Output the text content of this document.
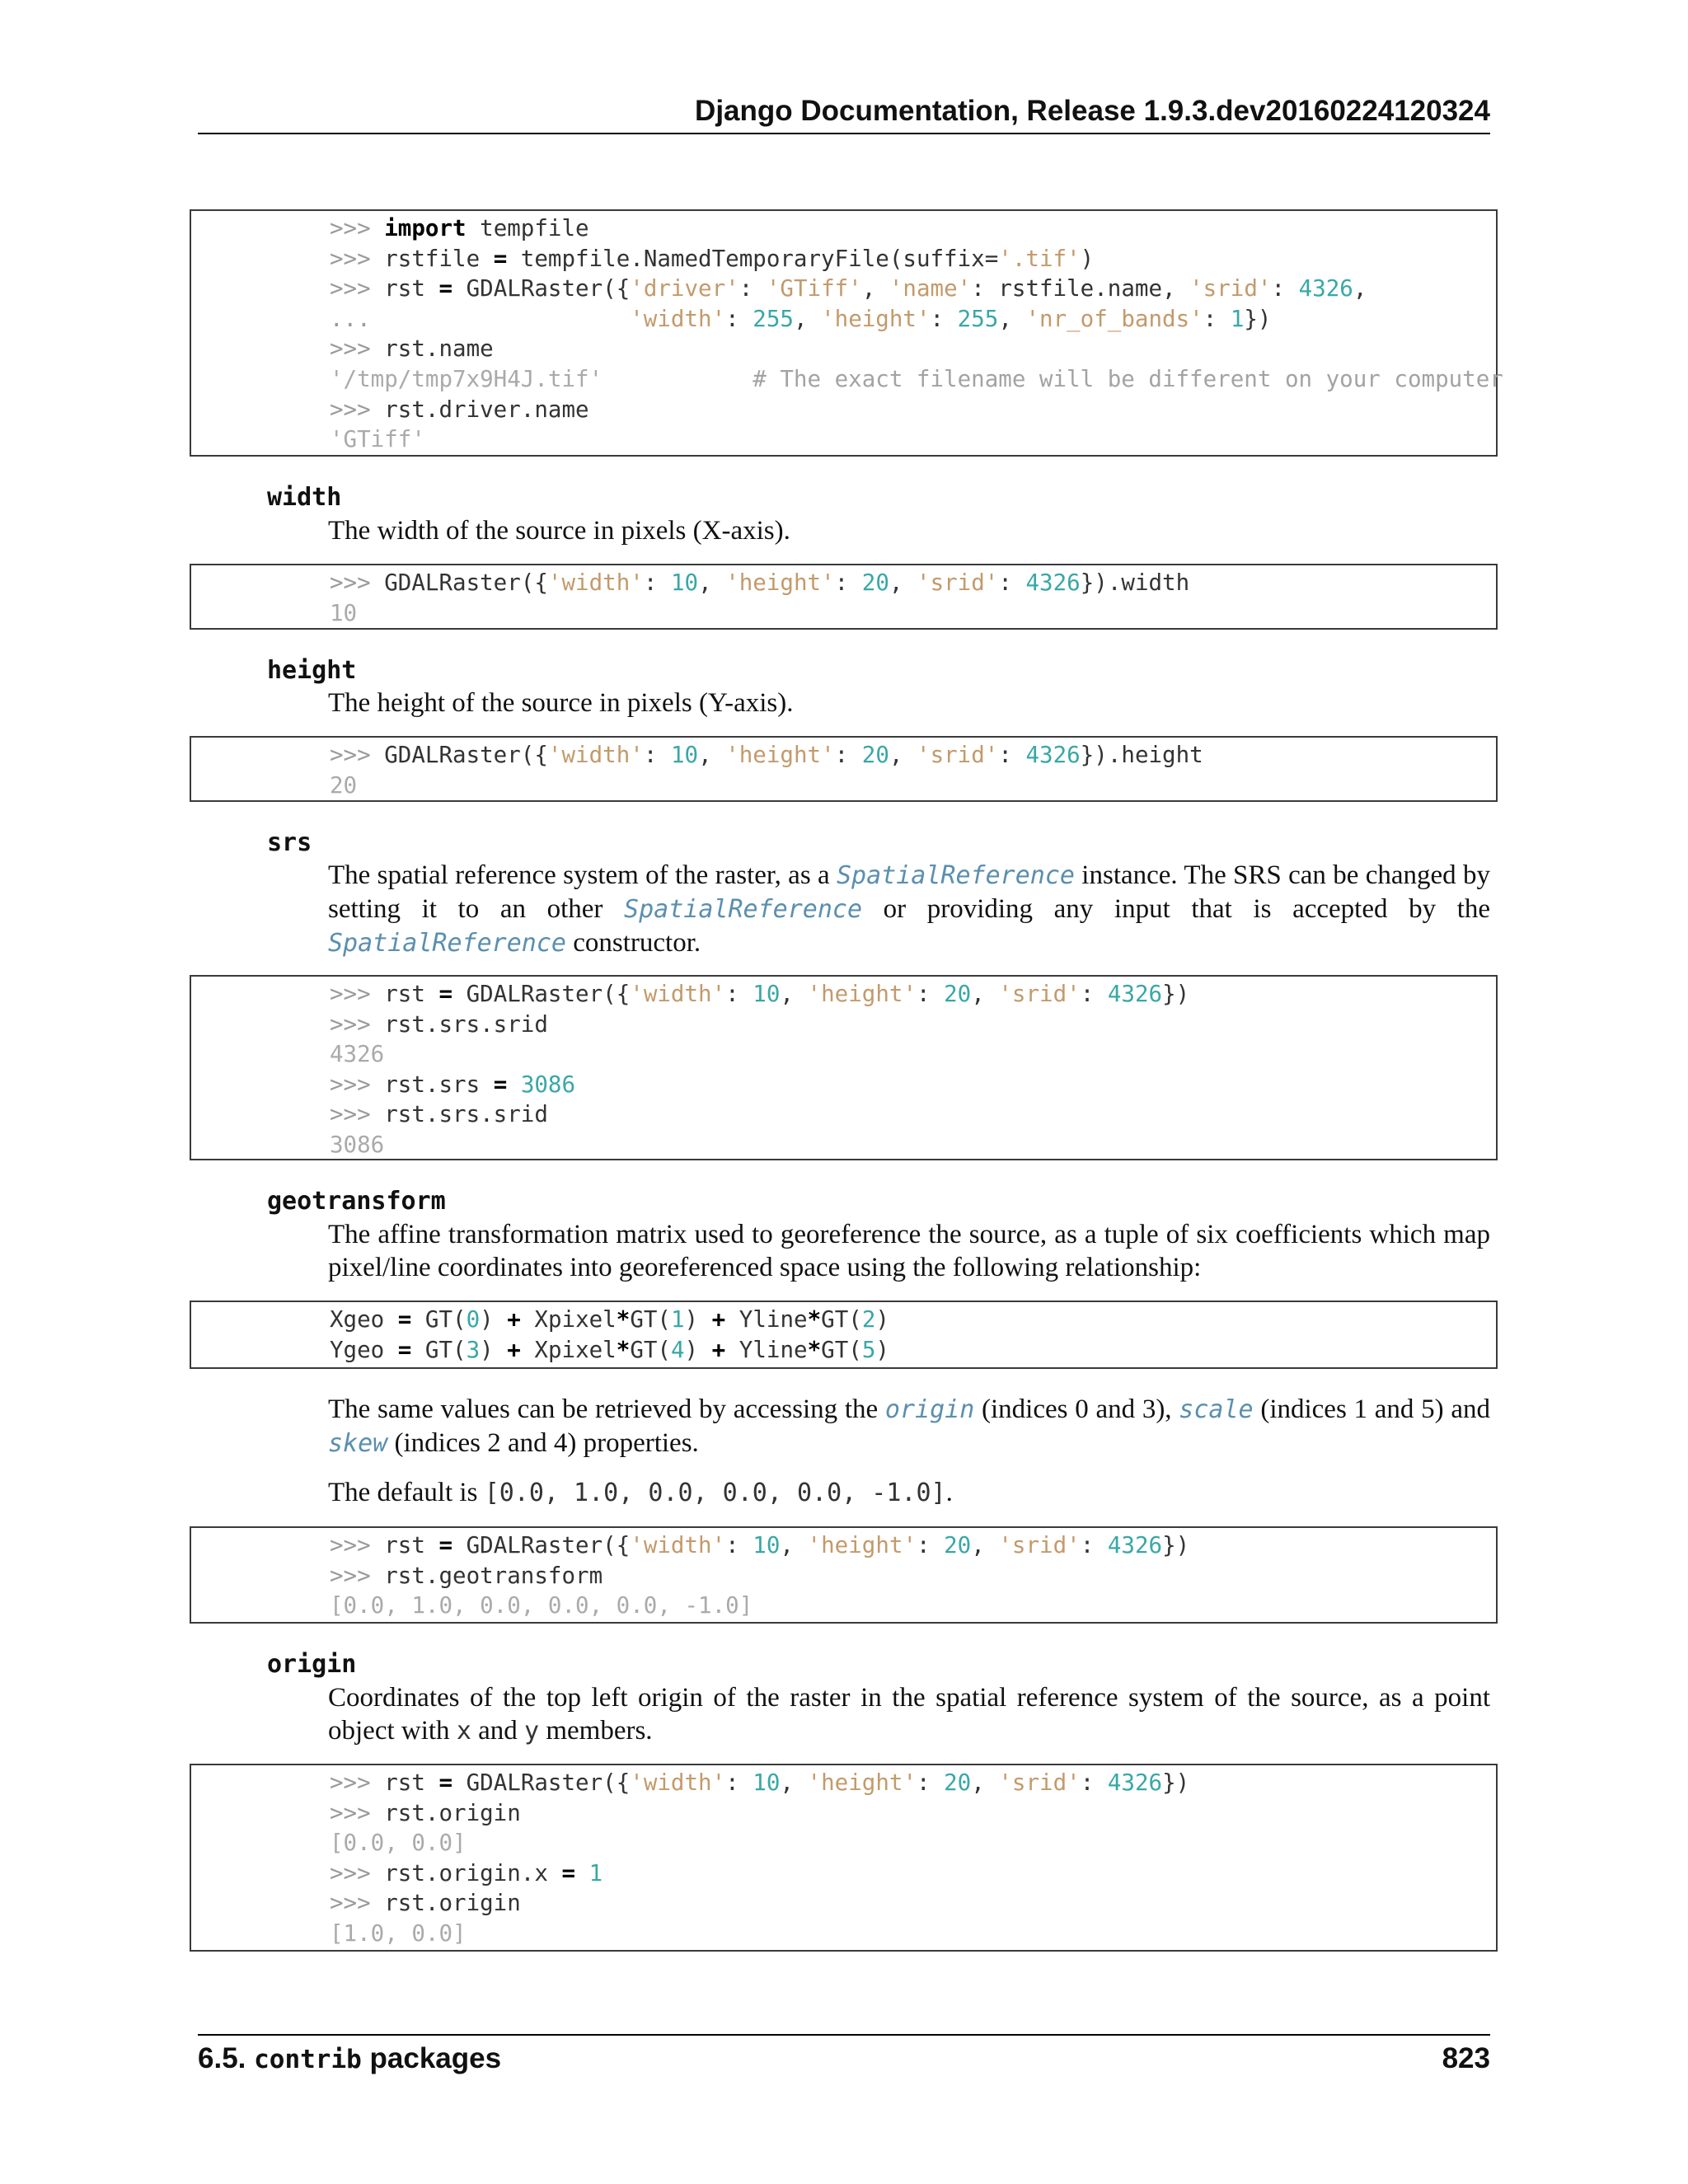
Django Documentation, Release 1.9.3.dev20160224120324
>>> import tempfile
>>> rstfile = tempfile.NamedTemporaryFile(suffix='.tif')
>>> rst = GDALRaster({'driver': 'GTiff', 'name': rstfile.name, 'srid': 4326,
...	'width': 255, 'height': 255, 'nr_of_bands': 1})
>>> rst.name
'/tmp/tmp7x9H4J.tif'           # The exact filename will be different on your computer
>>> rst.driver.name
'GTiff'
width
The width of the source in pixels (X-axis).
>>> GDALRaster({'width': 10, 'height': 20, 'srid': 4326}).width
10
height
The height of the source in pixels (Y-axis).
>>> GDALRaster({'width': 10, 'height': 20, 'srid': 4326}).height
20
srs
The spatial reference system of the raster, as a SpatialReference instance. The SRS can be changed by setting it to an other SpatialReference or providing any input that is accepted by the SpatialReference constructor.
>>> rst = GDALRaster({'width': 10, 'height': 20, 'srid': 4326})
>>> rst.srs.srid
4326
>>> rst.srs = 3086
>>> rst.srs.srid
3086
geotransform
The affine transformation matrix used to georeference the source, as a tuple of six coefficients which map pixel/line coordinates into georeferenced space using the following relationship:
Xgeo = GT(0) + Xpixel*GT(1) + Yline*GT(2)
Ygeo = GT(3) + Xpixel*GT(4) + Yline*GT(5)
The same values can be retrieved by accessing the origin (indices 0 and 3), scale (indices 1 and 5) and skew (indices 2 and 4) properties.
The default is [0.0, 1.0, 0.0, 0.0, 0.0, -1.0].
>>> rst = GDALRaster({'width': 10, 'height': 20, 'srid': 4326})
>>> rst.geotransform
[0.0, 1.0, 0.0, 0.0, 0.0, -1.0]
origin
Coordinates of the top left origin of the raster in the spatial reference system of the source, as a point object with x and y members.
>>> rst = GDALRaster({'width': 10, 'height': 20, 'srid': 4326})
>>> rst.origin
[0.0, 0.0]
>>> rst.origin.x = 1
>>> rst.origin
[1.0, 0.0]
6.5. contrib packages	823
